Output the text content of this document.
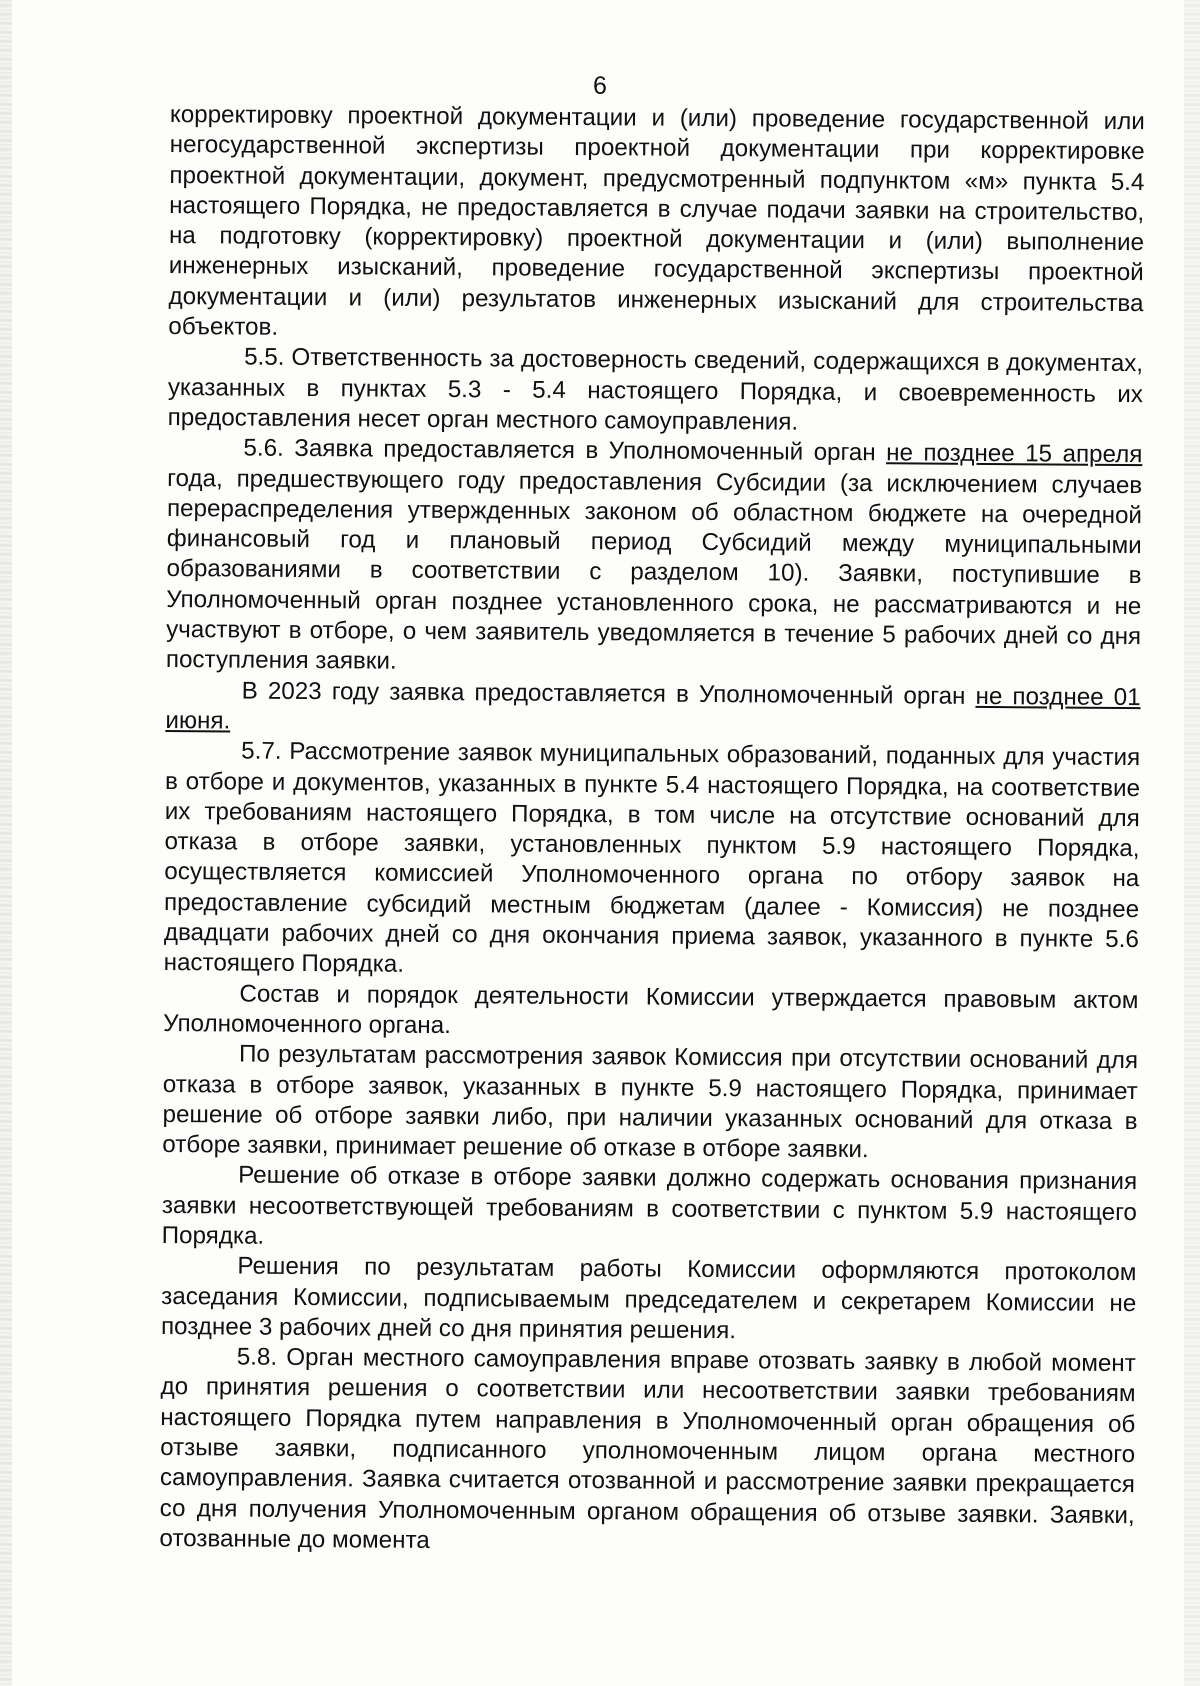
6

корректировку проектной документации и (или) проведение государственной или негосударственной экспертизы проектной документации при корректировке проектной документации, документ, предусмотренный подпунктом «м» пункта 5.4 настоящего Порядка, не предоставляется в случае подачи заявки на строительство, на подготовку (корректировку) проектной документации и (или) выполнение инженерных изысканий, проведение государственной экспертизы проектной документации и (или) результатов инженерных изысканий для строительства объектов.

5.5. Ответственность за достоверность сведений, содержащихся в документах, указанных в пунктах 5.3 - 5.4 настоящего Порядка, и своевременность их предоставления несет орган местного самоуправления.

5.6. Заявка предоставляется в Уполномоченный орган не позднее 15 апреля года, предшествующего году предоставления Субсидии (за исключением случаев перераспределения утвержденных законом об областном бюджете на очередной финансовый год и плановый период Субсидий между муниципальными образованиями в соответствии с разделом 10). Заявки, поступившие в Уполномоченный орган позднее установленного срока, не рассматриваются и не участвуют в отборе, о чем заявитель уведомляется в течение 5 рабочих дней со дня поступления заявки.

В 2023 году заявка предоставляется в Уполномоченный орган не позднее 01 июня.

5.7. Рассмотрение заявок муниципальных образований, поданных для участия в отборе и документов, указанных в пункте 5.4 настоящего Порядка, на соответствие их требованиям настоящего Порядка, в том числе на отсутствие оснований для отказа в отборе заявки, установленных пунктом 5.9 настоящего Порядка, осуществляется комиссией Уполномоченного органа по отбору заявок на предоставление субсидий местным бюджетам (далее - Комиссия) не позднее двадцати рабочих дней со дня окончания приема заявок, указанного в пункте 5.6 настоящего Порядка.

Состав и порядок деятельности Комиссии утверждается правовым актом Уполномоченного органа.

По результатам рассмотрения заявок Комиссия при отсутствии оснований для отказа в отборе заявок, указанных в пункте 5.9 настоящего Порядка, принимает решение об отборе заявки либо, при наличии указанных оснований для отказа в отборе заявки, принимает решение об отказе в отборе заявки.

Решение об отказе в отборе заявки должно содержать основания признания заявки несоответствующей требованиям в соответствии с пунктом 5.9 настоящего Порядка.

Решения по результатам работы Комиссии оформляются протоколом заседания Комиссии, подписываемым председателем и секретарем Комиссии не позднее 3 рабочих дней со дня принятия решения.

5.8. Орган местного самоуправления вправе отозвать заявку в любой момент до принятия решения о соответствии или несоответствии заявки требованиям настоящего Порядка путем направления в Уполномоченный орган обращения об отзыве заявки, подписанного уполномоченным лицом органа местного самоуправления. Заявка считается отозванной и рассмотрение заявки прекращается со дня получения Уполномоченным органом обращения об отзыве заявки. Заявки, отозванные до момента
